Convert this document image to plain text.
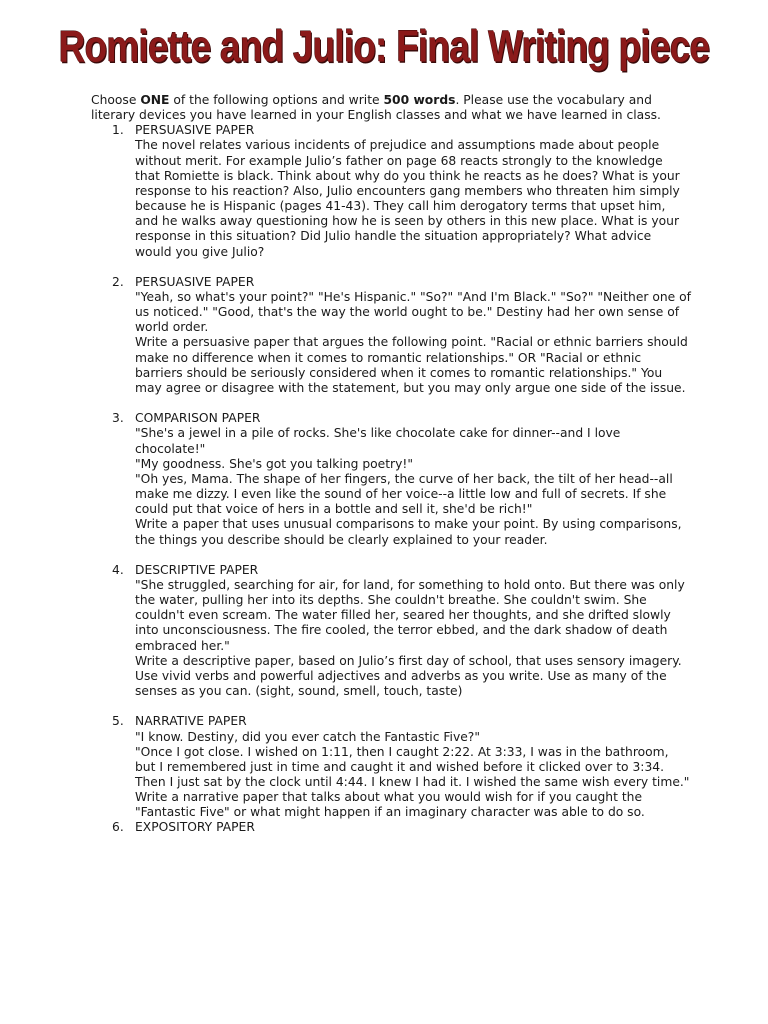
Romiette and Julio: Final Writing piece
Choose ONE of the following options and write 500 words. Please use the vocabulary and literary devices you have learned in your English classes and what we have learned in class.
1. PERSUASIVE PAPER

The novel relates various incidents of prejudice and assumptions made about people without merit. For example Julio’s father on page 68 reacts strongly to the knowledge that Romiette is black. Think about why do you think he reacts as he does? What is your response to his reaction? Also, Julio encounters gang members who threaten him simply because he is Hispanic (pages 41-43). They call him derogatory terms that upset him, and he walks away questioning how he is seen by others in this new place. What is your response in this situation? Did Julio handle the situation appropriately? What advice would you give Julio?

2. PERSUASIVE PAPER

"Yeah, so what's your point?" "He's Hispanic." "So?" "And I'm Black." "So?" "Neither one of us noticed." "Good, that's the way the world ought to be." Destiny had her own sense of world order.

Write a persuasive paper that argues the following point. "Racial or ethnic barriers should make no difference when it comes to romantic relationships." OR "Racial or ethnic barriers should be seriously considered when it comes to romantic relationships." You may agree or disagree with the statement, but you may only argue one side of the issue.

3. COMPARISON PAPER

"She's a jewel in a pile of rocks. She's like chocolate cake for dinner--and I love chocolate!"

"My goodness. She's got you talking poetry!"

"Oh yes, Mama. The shape of her fingers, the curve of her back, the tilt of her head--all make me dizzy. I even like the sound of her voice--a little low and full of secrets. If she could put that voice of hers in a bottle and sell it, she'd be rich!"

Write a paper that uses unusual comparisons to make your point. By using comparisons, the things you describe should be clearly explained to your reader.

4. DESCRIPTIVE PAPER

"She struggled, searching for air, for land, for something to hold onto. But there was only the water, pulling her into its depths. She couldn't breathe. She couldn't swim. She couldn't even scream. The water filled her, seared her thoughts, and she drifted slowly into unconsciousness. The fire cooled, the terror ebbed, and the dark shadow of death embraced her."

Write a descriptive paper, based on Julio’s first day of school, that uses sensory imagery. Use vivid verbs and powerful adjectives and adverbs as you write. Use as many of the senses as you can. (sight, sound, smell, touch, taste)

5. NARRATIVE PAPER

"I know. Destiny, did you ever catch the Fantastic Five?"

"Once I got close. I wished on 1:11, then I caught 2:22. At 3:33, I was in the bathroom, but I remembered just in time and caught it and wished before it clicked over to 3:34. Then I just sat by the clock until 4:44. I knew I had it. I wished the same wish every time."

Write a narrative paper that talks about what you would wish for if you caught the "Fantastic Five" or what might happen if an imaginary character was able to do so.

6. EXPOSITORY PAPER
